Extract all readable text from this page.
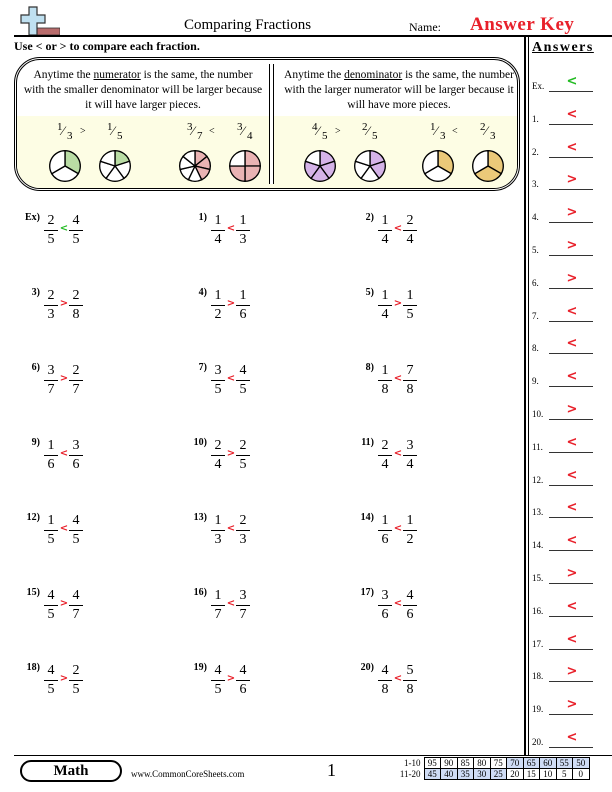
Comparing Fractions	Name: Answer Key
Use < or > to compare each fraction.
Anytime the numerator is the same, the number with the smaller denominator will be larger because it will have larger pieces.
Anytime the denominator is the same, the number with the larger numerator will be larger because it will have more pieces.
1 ⁄ 3
1 ⁄ 5
>	3 ⁄ 7
3 ⁄ 4
<	4 ⁄ 5
2 ⁄ 5
>	1 ⁄ 3
2 ⁄ 3
<
$Ex) \frac{2}{5} \frac{4}{5}$
<
$1) \frac{1}{4} \frac{1}{3}$
<
$2) \frac{1}{4} \frac{2}{4}$
<
$3) \frac{2}{3} \frac{2}{8}$
>
$4) \frac{1}{2} \frac{1}{6}$
>
$5) \frac{1}{4} \frac{1}{5}$
>
$6) \frac{3}{7} \frac{2}{7}$
>
$7) \frac{3}{5} \frac{4}{5}$
<
$8) \frac{1}{8} \frac{7}{8}$
<
$9) \frac{1}{6} \frac{3}{6}$
<
$10) \frac{2}{4} \frac{2}{5}$
>
$11) \frac{2}{4} \frac{3}{4}$
<
$12) \frac{1}{5} \frac{4}{5}$
<
$13) \frac{1}{3} \frac{2}{3}$
<
$14) \frac{1}{6} \frac{1}{2}$
<
$15) \frac{4}{5} \frac{4}{7}$
>
$16) \frac{1}{7} \frac{3}{7}$
<
$17) \frac{3}{6} \frac{4}{6}$
<
$18) \frac{4}{5} \frac{2}{5}$
>
$19) \frac{4}{5} \frac{4}{6}$
>
$20) \frac{4}{8} \frac{5}{8}$
<
Answers
Ex.	<
1.	<
2.	<
3.	>
4.	>
5.	>
6.	>
7.	<
8.	<
9.	<
10.	>
11.	<
12.	<
13.	<
14.	<
15.	>
16.	<
17.	<
18.	>
19.	>
20.	<
Math	www.CommonCoreSheets.com	1	1-10	95	90	85	80	75	70	65	60	55	50
11-20	45	40	35	30	25	20	15	10	5	0
